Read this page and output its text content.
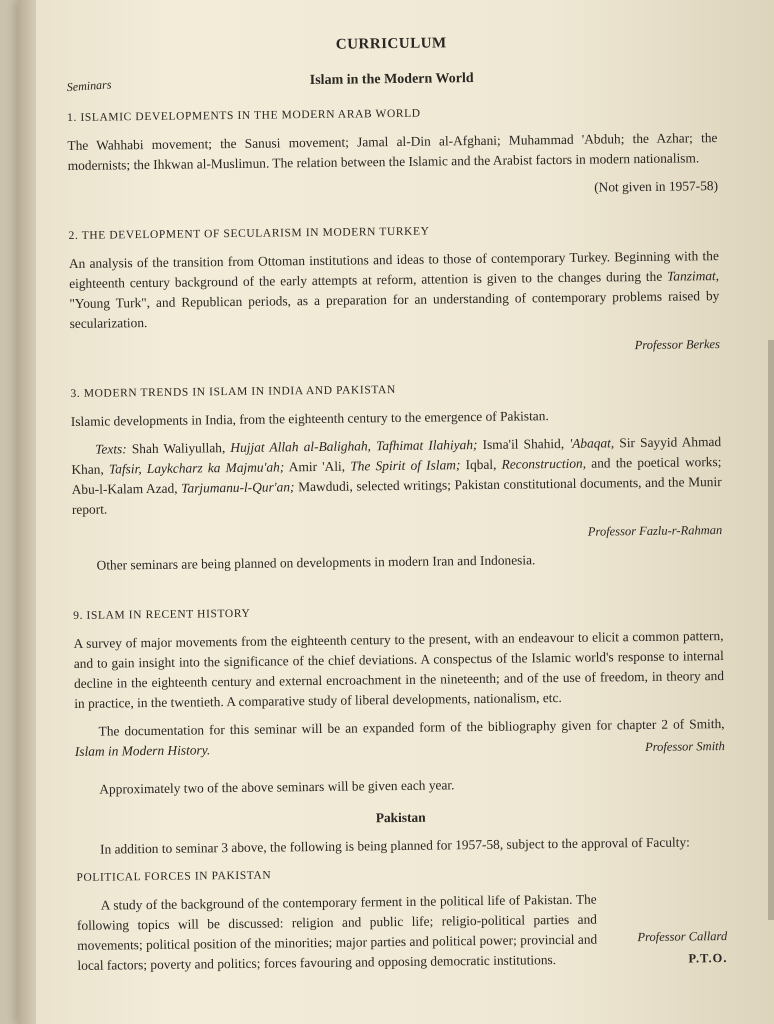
CURRICULUM
Seminars	Islam in the Modern World
1. ISLAMIC DEVELOPMENTS IN THE MODERN ARAB WORLD

The Wahhabi movement; the Sanusi movement; Jamal al-Din al-Afghani; Muhammad 'Abduh; the Azhar; the modernists; the Ihkwan al-Muslimun. The relation between the Islamic and the Arabist factors in modern nationalism.

(Not given in 1957-58)
2. THE DEVELOPMENT OF SECULARISM IN MODERN TURKEY

An analysis of the transition from Ottoman institutions and ideas to those of contemporary Turkey. Beginning with the eighteenth century background of the early attempts at reform, attention is given to the changes during the Tanzimat, "Young Turk", and Republican periods, as a preparation for an understanding of contemporary problems raised by secularization.

Professor Berkes
3. MODERN TRENDS IN ISLAM IN INDIA AND PAKISTAN

Islamic developments in India, from the eighteenth century to the emergence of Pakistan.

Texts: Shah Waliyullah, Hujjat Allah al-Balighah, Tafhimat Ilahiyah; Isma'il Shahid, 'Abaqat, Sir Sayyid Ahmad Khan, Tafsir, Laykcharz ka Majmu'ah; Amir 'Ali, The Spirit of Islam; Iqbal, Reconstruction, and the poetical works; Abu-l-Kalam Azad, Tarjumanu-l-Qur'an; Mawdudi, selected writings; Pakistan constitutional documents, and the Munir report.

Professor Fazlu-r-Rahman

Other seminars are being planned on developments in modern Iran and Indonesia.

9. ISLAM IN RECENT HISTORY

A survey of major movements from the eighteenth century to the present, with an endeavour to elicit a common pattern, and to gain insight into the significance of the chief deviations. A conspectus of the Islamic world's response to internal decline in the eighteenth century and external encroachment in the nineteenth; and of the use of freedom, in theory and in practice, in the twentieth. A comparative study of liberal developments, nationalism, etc.

The documentation for this seminar will be an expanded form of the bibliography given for chapter 2 of Smith, Islam in Modern History.	Professor Smith

Approximately two of the above seminars will be given each year.

Pakistan

In addition to seminar 3 above, the following is being planned for 1957-58, subject to the approval of Faculty:

POLITICAL FORCES IN PAKISTAN

A study of the background of the contemporary ferment in the political life of Pakistan. The following topics will be discussed: religion and public life; religio-political parties and movements; political position of the minorities; major parties and political power; provincial and local factors; poverty and politics; forces favouring and opposing democratic institutions.

Professor Callard
P.T.O.
